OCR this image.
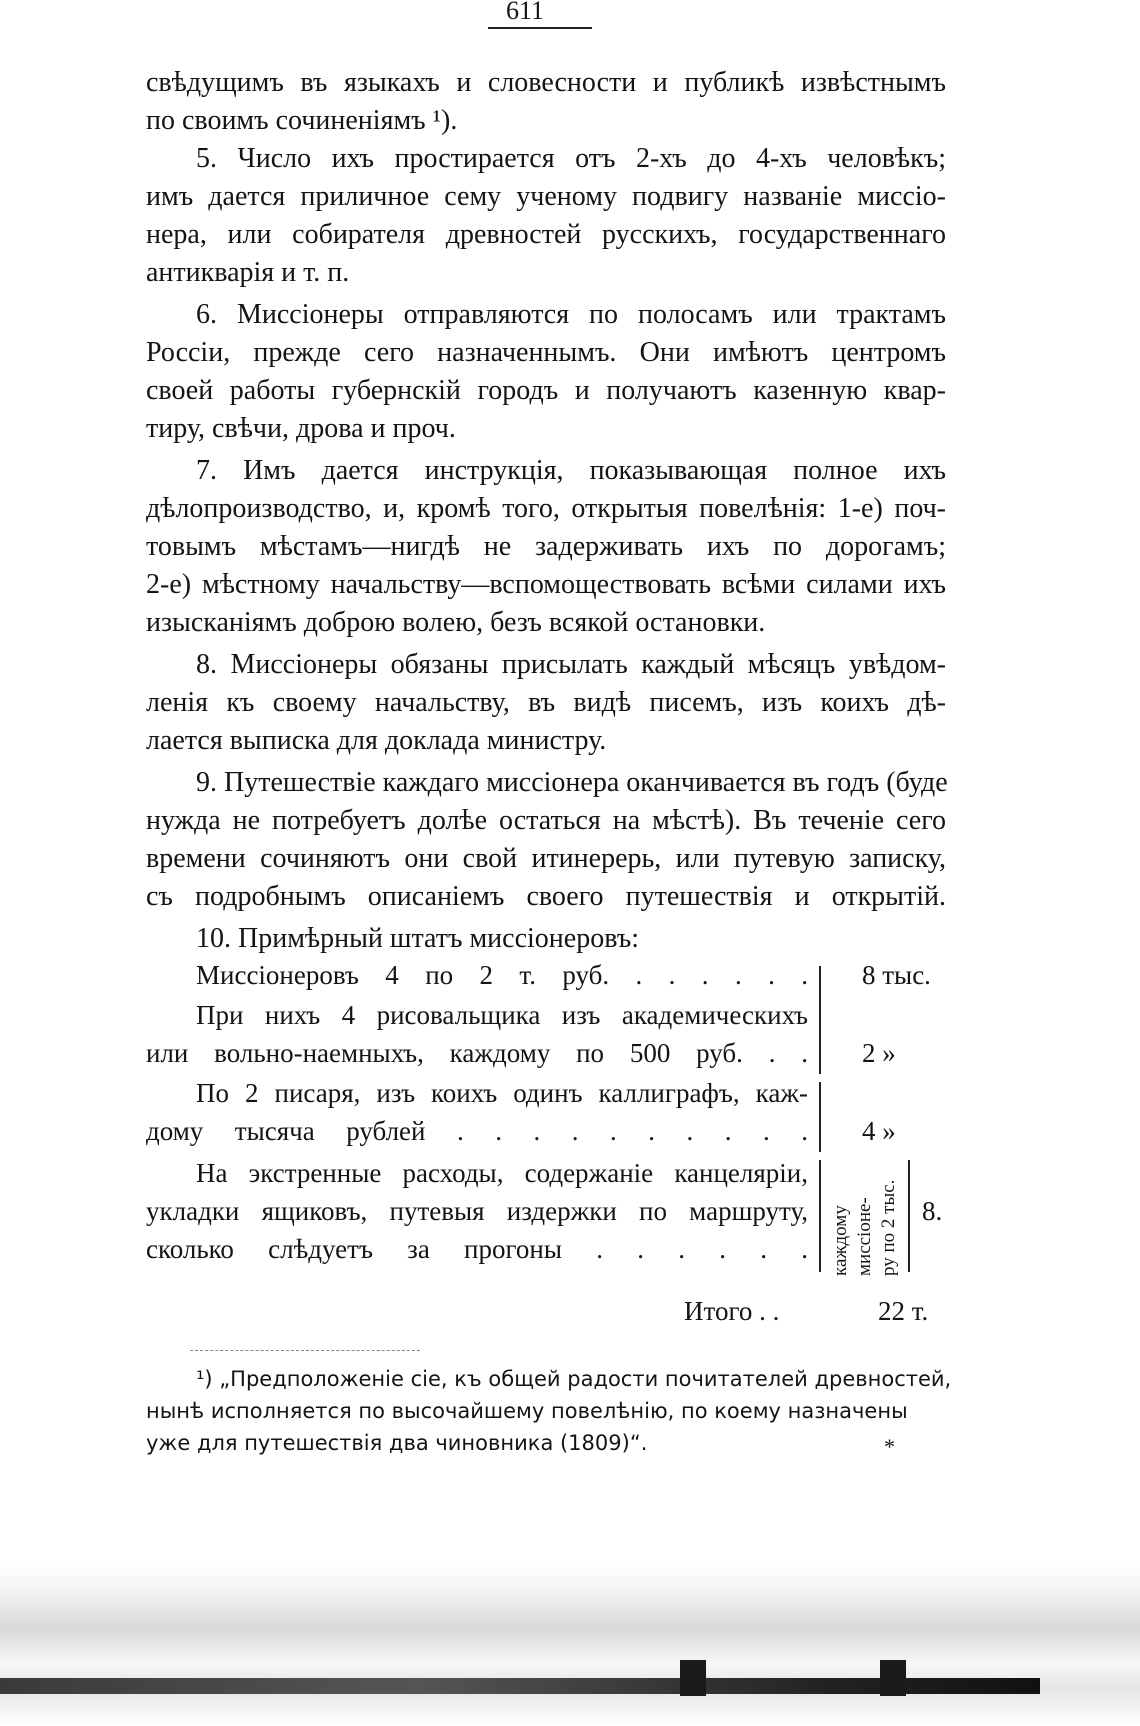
611
свѣдущимъ въ языкахъ и словесности и публикѣ извѣстнымъ
по своимъ сочиненіямъ ¹).
5. Число ихъ простирается отъ 2-хъ до 4-хъ человѣкъ;
имъ дается приличное сему ученому подвигу названіе миссіо-
нера, или собирателя древностей русскихъ, государственнаго
антикварія и т. п.
6. Миссіонеры отправляются по полосамъ или трактамъ
Россіи, прежде сего назначеннымъ. Они имѣютъ центромъ
своей работы губернскій городъ и получаютъ казенную квар-
тиру, свѣчи, дрова и проч.
7. Имъ дается инструкція, показывающая полное ихъ
дѣлопроизводство, и, кромѣ того, открытыя повелѣнія: 1-е) поч-
товымъ мѣстамъ—нигдѣ не задерживать ихъ по дорогамъ;
2-е) мѣстному начальству—вспомоществовать всѣми силами ихъ
изысканіямъ доброю волею, безъ всякой остановки.
8. Миссіонеры обязаны присылать каждый мѣсяцъ увѣдом-
ленія къ своему начальству, въ видѣ писемъ, изъ коихъ дѣ-
лается выписка для доклада министру.
9. Путешествіе каждаго миссіонера оканчивается въ годъ (буде
нужда не потребуетъ долѣе остаться на мѣстѣ). Въ теченіе сего
времени сочиняютъ они свой итинерерь, или путевую записку,
съ подробнымъ описаніемъ своего путешествія и открытій.
10. Примѣрный штатъ миссіонеровъ:
Миссіонеровъ 4 по 2 т. руб. . . . . . . 8 тыс.
При нихъ 4 рисовальщика изъ академическихъ
или вольно-наемныхъ, каждому по 500 руб. . . 2 »
По 2 писаря, изъ коихъ одинъ каллиграфъ, каж-
дому тысяча рублей . . . . . . . . . . 4 »
На экстренные расходы, содержаніе канцеляріи,
укладки ящиковъ, путевыя издержки по маршруту,
сколько слѣдуетъ за прогоны . . . . . . каждому миссіоне- ру по 2 тыс. 8.
Итого . .	22 т.
¹) „Предположеніе сіе, къ общей радости почитателей древностей,
нынѣ исполняется по высочайшему повелѣнію, по коему назначены
уже для путешествія два чиновника (1809)“.	*
